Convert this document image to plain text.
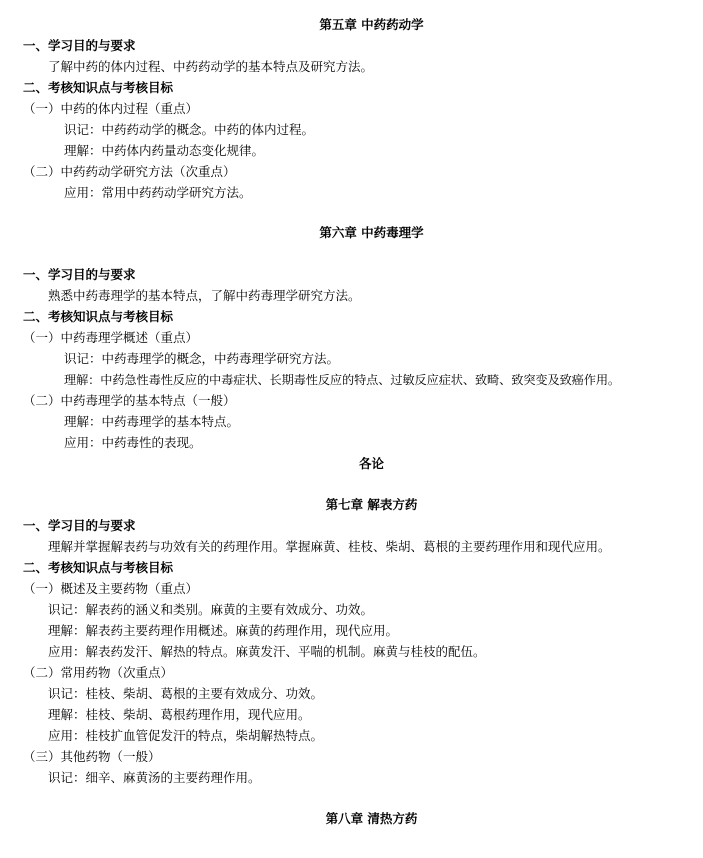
第五章 中药药动学
一、学习目的与要求
了解中药的体内过程、中药药动学的基本特点及研究方法。
二、考核知识点与考核目标
（一）中药的体内过程（重点）
识记：中药药动学的概念。中药的体内过程。
理解：中药体内药量动态变化规律。
（二）中药药动学研究方法（次重点）
应用：常用中药药动学研究方法。
第六章 中药毒理学
一、学习目的与要求
熟悉中药毒理学的基本特点，了解中药毒理学研究方法。
二、考核知识点与考核目标
（一）中药毒理学概述（重点）
识记：中药毒理学的概念，中药毒理学研究方法。
理解：中药急性毒性反应的中毒症状、长期毒性反应的特点、过敏反应症状、致畸、致突变及致癌作用。
（二）中药毒理学的基本特点（一般）
理解：中药毒理学的基本特点。
应用：中药毒性的表现。
各论
第七章 解表方药
一、学习目的与要求
理解并掌握解表药与功效有关的药理作用。掌握麻黄、桂枝、柴胡、葛根的主要药理作用和现代应用。
二、考核知识点与考核目标
（一）概述及主要药物（重点）
识记：解表药的涵义和类别。麻黄的主要有效成分、功效。
理解：解表药主要药理作用概述。麻黄的药理作用，现代应用。
应用：解表药发汗、解热的特点。麻黄发汗、平喘的机制。麻黄与桂枝的配伍。
（二）常用药物（次重点）
识记：桂枝、柴胡、葛根的主要有效成分、功效。
理解：桂枝、柴胡、葛根药理作用，现代应用。
应用：桂枝扩血管促发汗的特点，柴胡解热特点。
（三）其他药物（一般）
识记：细辛、麻黄汤的主要药理作用。
第八章 清热方药
